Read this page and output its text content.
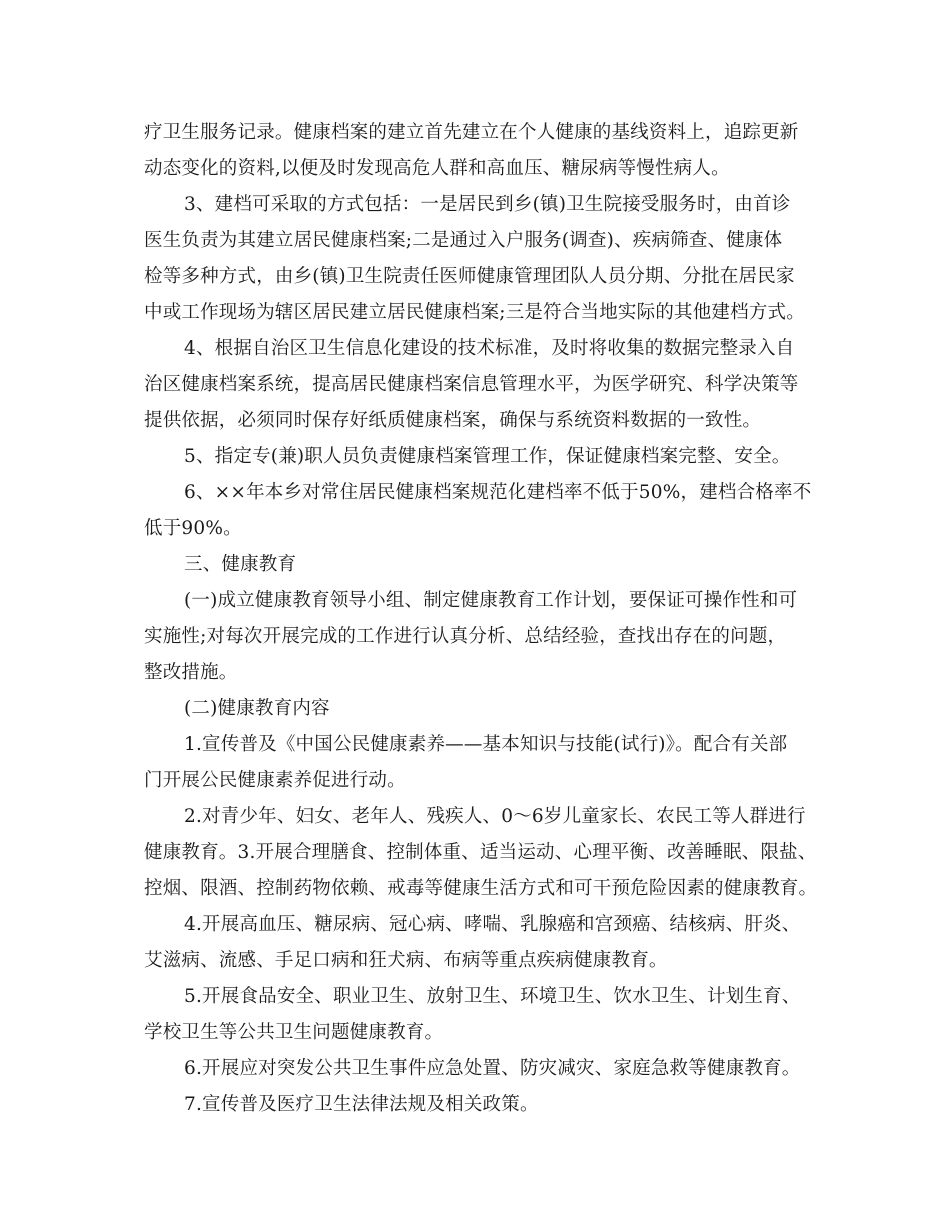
疗卫生服务记录。健康档案的建立首先建立在个人健康的基线资料上，追踪更新
动态变化的资料,以便及时发现高危人群和高血压、糖尿病等慢性病人。
3、建档可采取的方式包括：一是居民到乡(镇)卫生院接受服务时，由首诊
医生负责为其建立居民健康档案;二是通过入户服务(调查)、疾病筛查、健康体
检等多种方式，由乡(镇)卫生院责任医师健康管理团队人员分期、分批在居民家
中或工作现场为辖区居民建立居民健康档案;三是符合当地实际的其他建档方式。
4、根据自治区卫生信息化建设的技术标准，及时将收集的数据完整录入自
治区健康档案系统，提高居民健康档案信息管理水平，为医学研究、科学决策等
提供依据，必须同时保存好纸质健康档案，确保与系统资料数据的一致性。
5、指定专(兼)职人员负责健康档案管理工作，保证健康档案完整、安全。
6、××年本乡对常住居民健康档案规范化建档率不低于50%，建档合格率不
低于90%。
三、健康教育
(一)成立健康教育领导小组、制定健康教育工作计划，要保证可操作性和可
实施性;对每次开展完成的工作进行认真分析、总结经验，查找出存在的问题，
整改措施。
(二)健康教育内容
1.宣传普及《中国公民健康素养——基本知识与技能(试行)》。配合有关部
门开展公民健康素养促进行动。
2.对青少年、妇女、老年人、残疾人、0～6岁儿童家长、农民工等人群进行
健康教育。3.开展合理膳食、控制体重、适当运动、心理平衡、改善睡眠、限盐、
控烟、限酒、控制药物依赖、戒毒等健康生活方式和可干预危险因素的健康教育。
4.开展高血压、糖尿病、冠心病、哮喘、乳腺癌和宫颈癌、结核病、肝炎、
艾滋病、流感、手足口病和狂犬病、布病等重点疾病健康教育。
5.开展食品安全、职业卫生、放射卫生、环境卫生、饮水卫生、计划生育、
学校卫生等公共卫生问题健康教育。
6.开展应对突发公共卫生事件应急处置、防灾减灾、家庭急救等健康教育。
7.宣传普及医疗卫生法律法规及相关政策。
